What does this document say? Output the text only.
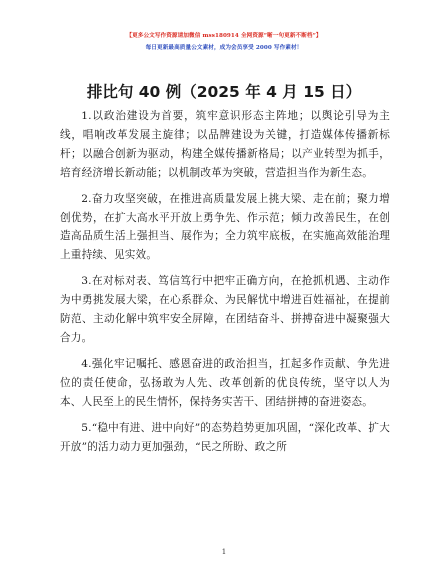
【更多公文写作资源请加微信 mss180914 全网资源“晰一句更新不断档”】
每日更新最高质量公文素材，成为会员享受 2000 写作素材！
排比句 40 例（2025 年 4 月 15 日）

1.以政治建设为首要，筑牢意识形态主阵地；以舆论引导为主线，唱响改革发展主旋律；以品牌建设为关键，打造媒体传播新标杆；以融合创新为驱动，构建全媒传播新格局；以产业转型为抓手，培育经济增长新动能；以机制改革为突破，营造担当作为新生态。

2.奋力攻坚突破，在推进高质量发展上挑大梁、走在前；聚力增创优势，在扩大高水平开放上勇争先、作示范；倾力改善民生，在创造高品质生活上强担当、展作为；全力筑牢底板，在实施高效能治理上重持续、见实效。

3.在对标对表、笃信笃行中把牢正确方向，在抢抓机遇、主动作为中勇挑发展大梁，在心系群众、为民解忧中增进百姓福祉，在提前防范、主动化解中筑牢安全屏障，在团结奋斗、拼搏奋进中凝聚强大合力。

4.强化牢记嘱托、感恩奋进的政治担当，扛起多作贡献、争先进位的责任使命，弘扬敢为人先、改革创新的优良传统，坚守以人为本、人民至上的民生情怀，保持务实苦干、团结拼搏的奋进姿态。

5.“稳中有进、进中向好”的态势趋势更加巩固，“深化改革、扩大开放”的活力动力更加强劲，“民之所盼、政之所

1
